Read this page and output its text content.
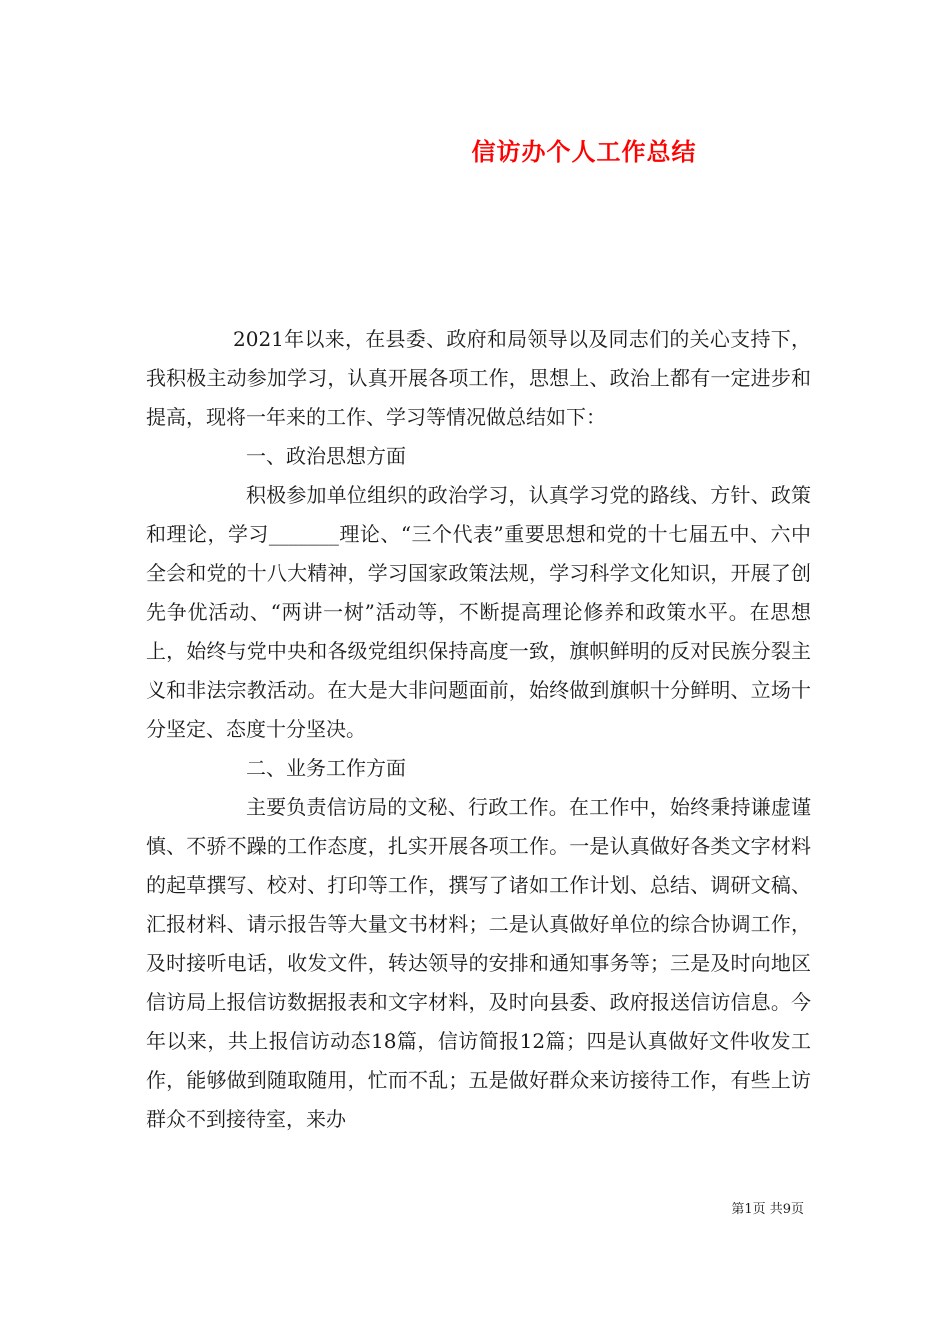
信访办个人工作总结

2021年以来，在县委、政府和局领导以及同志们的关心支持下，我积极主动参加学习，认真开展各项工作，思想上、政治上都有一定进步和提高，现将一年来的工作、学习等情况做总结如下：

一、政治思想方面

积极参加单位组织的政治学习，认真学习党的路线、方针、政策和理论，学习_______理论、“三个代表”重要思想和党的十七届五中、六中全会和党的十八大精神，学习国家政策法规，学习科学文化知识，开展了创先争优活动、“两讲一树”活动等，不断提高理论修养和政策水平。在思想上，始终与党中央和各级党组织保持高度一致，旗帜鲜明的反对民族分裂主义和非法宗教活动。在大是大非问题面前，始终做到旗帜十分鲜明、立场十分坚定、态度十分坚决。

二、业务工作方面

主要负责信访局的文秘、行政工作。在工作中，始终秉持谦虚谨慎、不骄不躁的工作态度，扎实开展各项工作。一是认真做好各类文字材料的起草撰写、校对、打印等工作，撰写了诸如工作计划、总结、调研文稿、汇报材料、请示报告等大量文书材料；二是认真做好单位的综合协调工作，及时接听电话，收发文件，转达领导的安排和通知事务等；三是及时向地区信访局上报信访数据报表和文字材料，及时向县委、政府报送信访信息。今年以来，共上报信访动态18篇，信访简报12篇；四是认真做好文件收发工作，能够做到随取随用，忙而不乱；五是做好群众来访接待工作，有些上访群众不到接待室，来办

第1页 共9页
